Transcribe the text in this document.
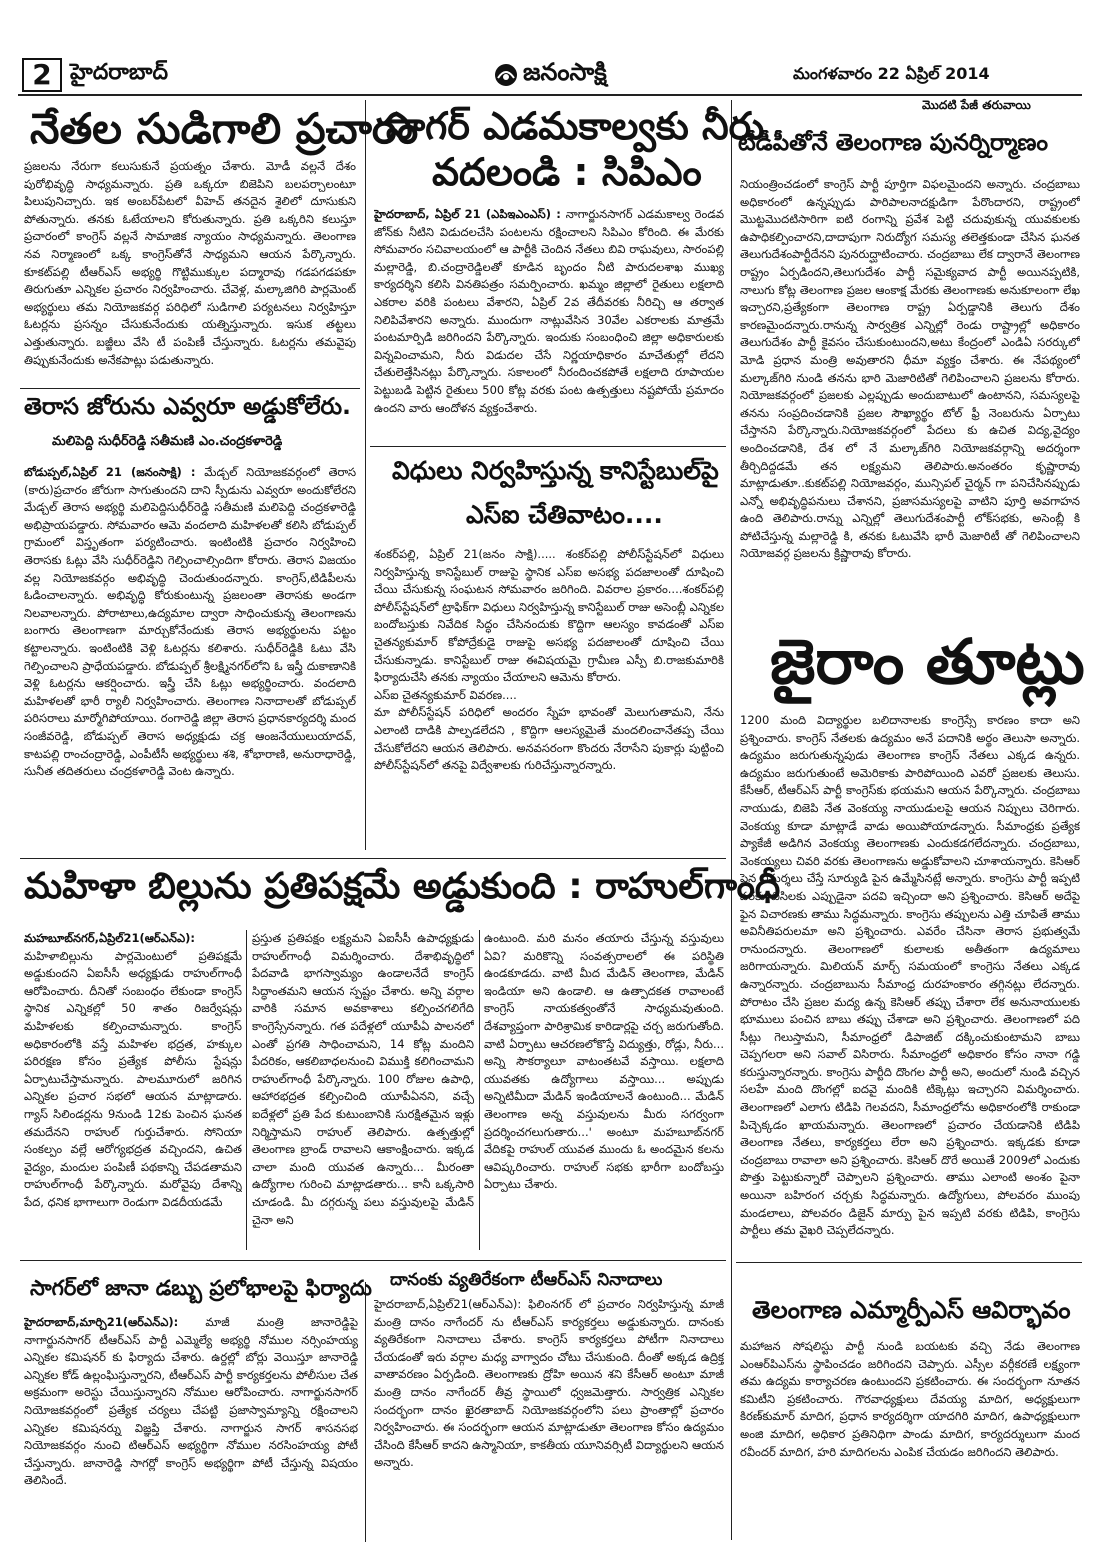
2 హైదరాబాద్	జనంసాక్షి	మంగళవారం 22 ఏప్రిల్ 2014
మొదటి పేజీ తరువాయి
నేతల సుడిగాలి ప్రచారం

ప్రజలను నేరుగా కలుసుకునే ప్రయత్నం చేశారు. మోడీ వల్లనే దేశం పురోభివృద్ధి సాధ్యమన్నారు. ప్రతి ఒక్కరూ బిజెపిని బలపర్చాలంటూ పిలుపునిచ్చారు. ఇక అంబర్‌పేటలో వీహెచ్ తనదైన శైలిలో దూసుకుని పోతున్నారు. తనకు ఓటేయాలని కోరుతున్నారు. ప్రతి ఒక్కరిని కలుస్తూ ప్రచారంలో కాంగ్రెస్ వల్లనే సామాజిక న్యాయం సాధ్యమన్నారు. తెలంగాణ నవ నిర్మాణంలో ఒక్క కాంగ్రెస్‌తోనే సాధ్యమని ఆయన పేర్కొన్నారు. కూకట్‌పల్లి టీఆర్ఎస్ అభ్యర్థి గొట్టిముక్కుల పద్మారావు గడపగడపకూ తిరుగుతూ ఎన్నికల ప్రచారం నిర్వహించారు. చేవెళ్ల, మల్కాజిగిరి పార్లమెంట్ అభ్యర్థులు తమ నియోజకవర్గ పరిధిలో సుడిగాలి పర్యటనలు నిర్వహిస్తూ ఓటర్లను ప్రసన్నం చేసుకునేందుకు యత్నిస్తున్నారు. ఇసుక తట్టలు ఎత్తుతున్నారు. బజ్జీలు వేసి టీ పంపిణీ చేస్తున్నారు. ఓటర్లను తమవైపు తిప్పుకునేందుకు అనేకపాట్లు పడుతున్నారు.

తెరాస జోరును ఎవ్వరూ అడ్డుకోలేరు.
మలిపెద్ది సుధీర్‌రెడ్డి సతీమణి ఎం.చంద్రకళారెడ్డి

బోడుప్పల్,ఏప్రిల్ 21 (జనంసాక్షి) : మేడ్చల్ నియోజకవర్గంలో తెరాస (కారు)ప్రచారం జోరుగా సాగుతుందని దాని స్పీడును ఎవ్వరూ అందుకోలేరని మేడ్చల్ తెరాస అభ్యర్థి మలిపెద్దిసుధీర్‌రెడ్డి సతీమణి మలిపెద్ది చంద్రకళారెడ్డి అభిప్రాయపడ్డారు. సోమవారం ఆమె వందలాది మహిళలతో కలిసి బోడుప్పల్ గ్రామంలో విస్తృతంగా పర్యటించారు. ఇంటింటికి ప్రచారం నిర్వహించి తెరాసకు ఓట్లు వేసి సుధీర్‌రెడ్డిని గెల్పించాల్సిందిగా కోరారు. తెరాస విజయం వల్ల నియోజకవర్గం అభివృద్ధి చెందుతుందన్నారు. కాంగ్రెస్,టిడిపీలను ఓడించాలన్నారు. అభివృద్ధి కోరుకుంటున్న ప్రజలంతా తెరాసకు అండగా నిలవాలన్నారు. పోరాటాలు,ఉద్యమాల ద్వారా సాధించుకున్న తెలంగాణను బంగారు తెలంగాణగా మార్చుకోనేందుకు తెరాస అభ్యర్థులను పట్టం కట్టాలన్నారు. ఇంటింటికి వెళ్లి ఓటర్లను కలిశారు. సుధీర్‌రెడ్డికి ఓటు వేసి గెల్పించాలని ప్రాధేయపడ్డారు. బోడుప్పల్ శ్రీలక్ష్మినగర్‌లోని ఓ ఇస్త్రీ దుకాణానికి వెళ్లి ఓటర్లను ఆకర్షించారు. ఇస్త్రీ చేసి ఓట్లు అభ్యర్థించారు. వందలాది మహిళలతో భారీ ర్యాలీ నిర్వహించారు. తెలంగాణ నినాదాలతో బోడుప్పల్ పరిసరాలు మార్మోగిపోయాయి. రంగారెడ్డి జిల్లా తెరాస ప్రధానకార్యదర్శి మంద సంజీవరెడ్డి, బోడుప్పల్ తెరాస అధ్యక్షుడు చక్ర ఆంజనేయులుయాదవ్, కాటపల్లి రాంచంద్రారెడ్డి, ఎంపీటీసీ అభ్యర్థులు శశి, శోభారాణి, అనురాధారెడ్డి, సునీత తదితరులు చంద్రకళారెడ్డి వెంట ఉన్నారు.

సాగర్ ఎడమకాల్వకు నీరు
వదలండి : సిపిఎం

హైదరాబాద్, ఏప్రిల్ 21 (ఎపిఇఎంఎస్) : నాగార్జునసాగర్ ఎడమకాల్వ రెండవ జోన్‌కు నీటిని విడుదలచేసి పంటలను రక్షించాలని సిపిఎం కోరింది. ఈ మేరకు సోమవారం సచివాలయంలో ఆ పార్టీకి చెందిన నేతలు బివి రాఘవులు, సారంపల్లి మల్లారెడ్డి, బి.చంద్రారెడ్డిలతో కూడిన బృందం నీటి పారుదలశాఖ ముఖ్య కార్యదర్శిని కలిసి వినతిపత్రం సమర్పించారు. ఖమ్మం జిల్లాలో రైతులు లక్షలాది ఎకరాల వరికి పంటలు వేశారని, ఏప్రిల్ 2వ తేదీవరకు నీరిచ్చి ఆ తర్వాత నిలిపివేశారని అన్నారు. ముందుగా నాట్లువేసిన 30వేల ఎకరాలకు మాత్రమే పంటమార్పిడి జరిగిందని పేర్కొన్నారు. ఇందుకు సంబంధించి జిల్లా అధికారులకు విన్నవించామని, నీరు విడుదల చేసే నిర్ణయాధికారం మాచేతుల్లో లేదని చేతులెత్తేసినట్లు పేర్కొన్నారు. సకాలంలో నీరందించకపోతే లక్షలాది రూపాయల పెట్టుబడి పెట్టిన రైతులు 500 కోట్ల వరకు పంట ఉత్పత్తులు నష్టపోయే ప్రమాదం ఉందని వారు ఆందోళన వ్యక్తంచేశారు.

విధులు నిర్వహిస్తున్న కానిస్టేబుల్‌పై
ఎస్ఐ చేతివాటం....

శంకర్‌పల్లి, ఏప్రిల్ 21(జనం సాక్షి)..... శంకర్‌పల్లి పోలీస్‌స్టేషన్‌లో విధులు నిర్వహిస్తున్న కానిస్టేబుల్ రాజుపై స్థానిక ఎస్ఐ అసభ్య పదజాలంతో దూషించి చేయి చేసుకున్న సంఘటన సోమవారం జరిగింది. వివరాల ప్రకారం....శంకర్‌పల్లి పోలీస్‌స్టేషన్‌లో ట్రాఫిక్‌గా విధులు నిర్వహిస్తున్న కానిస్టేబుల్ రాజు అసెంబ్లీ ఎన్నికల బందోబస్తుకు నివేదిక సిద్ధం చేసినందుకు కొద్దిగా ఆలస్యం కావడంతో ఎస్ఐ చైతన్యకుమార్ కోపోద్రేకుడై రాజుపై అసభ్య పదజాలంతో దూషించి చేయి చేసుకున్నాడు. కానిస్టేబుల్ రాజు ఈవిషయమై గ్రామీణ ఎస్పీ బి.రాజకుమారికి ఫిర్యాదుచేసి తనకు న్యాయం చేయాలని ఆమెను కోరారు.

ఎస్ఐ చైతన్యకుమార్ వివరణ....

మా పోలీస్‌స్టేషన్ పరిధిలో అందరం స్నేహ భావంతో మెలుగుతామని, నేను ఎలాంటి దాడికి పాల్పడలేదని , కొద్దిగా ఆలస్యమైతే మందలించానేతప్ప చేయి చేసుకోలేదని ఆయన తెలిపారు. అనవసరంగా కొందరు నేరాసేని పుకార్లు పుట్టించి పోలీస్‌స్టేషన్‌లో తనపై విద్వేశాలకు గురిచేస్తున్నారన్నారు.

టీడీపీతోనే తెలంగాణ పునర్నిర్మాణం

నియంత్రించడంలో కాంగ్రెస్ పార్టీ పూర్తిగా విఫలమైందని అన్నారు. చంద్రబాబు అధికారంలో ఉన్నప్పుడు పారిపాలనాదక్షుడిగా పేరొందారని, రాష్ట్రంలో మొట్టమొదటిసారిగా ఐటి రంగాన్ని ప్రవేశ పెట్టి చదువుకున్న యువకులకు ఉపాధికల్పించారని,దాదాపుగా నిరుద్యోగ సమస్య తలెత్తకుండా చేసిన ఘనత తెలుగుదేశంపార్టీదేనని పునరుద్ఘాటించారు. చంద్రబాబు లేక ద్వారానే తెలంగాణ రాష్ట్రం ఏర్పడిందని,తెలుగుదేశం పార్టీ సమైక్యవాద పార్టీ అయినప్పటికి, నాలుగు కోట్ల తెలంగాణ ప్రజల ఆంకాక్ష మేరకు తెలంగాణకు అనుకూలంగా లేఖ ఇచ్చారని,ప్రత్యేకంగా తెలంగాణ రాష్ట్ర ఏర్పడ్డానికి తెలుగు దేశం కారణమైందన్నారు.రానున్న సార్వత్రిక ఎన్నిల్లో రెండు రాష్ట్రాల్లో అధికారం తెలుగుదేశం పార్టీ కైవసం చేసుకుంటుందని,అటు కేంద్రంలో ఎండిఏ సరర్కులో మోడి ప్రధాన మంత్రి అవుతారని ధీమా వ్యక్తం చేశారు. ఈ నేపథ్యంలో మల్కాజ్‌గిరి నుండి తనను భారి మెజారిటితో గెలిపించాలని ప్రజలను కోరారు. నియోజకవర్గంలో ప్రజలకు ఎల్లప్పుడు అందుబాటులో ఉంటానని, సమస్యలపై తనను సంప్రదించడానికి ప్రజల సౌఖ్యార్థం టోల్ ఫ్రీ నెంబరును ఏర్పాటు చేస్తానని పేర్కొన్నారు.నియోజకవర్గంలో పేదలు కు ఉచిత విద్య,వైద్యం అందించడానికి, దేశ లో నే మల్కాజ్‌గిరి నియోజకవర్గాన్ని అదర్శంగా తీర్చిదిద్దడమే తన లక్ష్యమని తెలిపారు.అనంతరం కృష్ణారావు మాట్లాడుతూ..కుకట్‌పల్లి నియోజవర్గం, మున్సిపల్ చైర్మన్ గా పనిచేసినప్పుడు ఎన్నో అభివృద్ధిపనులు చేశానని, ప్రజాసమస్యలపై వాటిని పూర్తి అవగాహన ఉంది తెలిపారు.రాన్ను ఎన్నిల్లో తెలుగుదేశంపార్టీ లోక్‌సభకు, అసెంబ్లీ కి పోటిచేస్తున్న మల్లారెడ్డి కి, తనకు ఓటువేసి భారీ మెజారిటీ తో గెలిపించాలని నియోజవర్గ ప్రజలను క్రిష్ణారావు కోరారు.

జైరాం తూట్లు

1200 మంది విద్యార్థుల బలిదానాలకు కాంగ్రెస్సే కారణం కాదా అని ప్రశ్నించారు. కాంగ్రెస్ నేతలకు ఉద్యమం అనే పదానికి అర్థం తెలుసా అన్నారు. ఉద్యమం జరుగుతున్నపుడు తెలంగాణ కాంగ్రెస్ నేతలు ఎక్కడ ఉన్నరు. ఉద్యమం జరుగుతుంటే అమెరికాకు పారిపోయింది ఎవరో ప్రజలకు తెలుసు. కేసీఆర్, టీఆర్ఎస్ పార్టీ కాంగ్రెస్‌కు భయమని ఆయన పేర్కొన్నారు. చంద్రబాబు నాయుడు, బిజెపి నేత వెంకయ్య నాయుడులపై ఆయన నిప్పులు చెరిగారు. వెంకయ్య కూడా మాట్లాడే వాడు అయిపోయాడన్నారు. సీమాంధ్రకు ప్రత్యేక ప్యాకేజీ అడిగిన వెంకయ్య తెలంగాణకు ఎందుకడగలేదన్నారు. చంద్రబాబు, వెంకయ్యలు చివరి వరకు తెలంగాణను అడ్డుకోవాలని చూశాయన్నారు. కెసిఆర్ పైన విమర్శలు చేస్తే సూర్యుడి పైన ఉమ్మేసినట్లే అన్నారు. కాంగ్రెసు పార్టీ ఇప్పటి వరకు బిసిలకు ఎప్పుడైనా పదవి ఇచ్చిందా అని ప్రశ్నించారు. కెసిఆర్ అదేపై ఫైన విచారణకు తాము సిద్ధమన్నారు. కాంగ్రెసు తప్పులను ఎత్తి చూపితే తాము అవినీతిపరులమా అని ప్రశ్నించారు. ఎవరేం చేసినా తెరాస ప్రభుత్వమే రానుందన్నారు. తెలంగాణలో కులాలకు అతీతంగా ఉద్యమాలు జరిగాయన్నారు. మిలియన్ మార్చ్ సమయంలో కాంగ్రెసు నేతలు ఎక్కడ ఉన్నారన్నారు. చంద్రబాబును సీమాంధ్ర దురహంకారం తగ్గినట్లు లేదన్నారు. పోరాటం చేసి ప్రజల మద్య ఉన్న కెసిఆర్ తప్పు చేశారా లేక అనునాయులకు భూములు పంచిన బాబు తప్పు చేశాడా అని ప్రశ్నించారు. తెలంగాణలో పది సీట్లు గెలుస్తామని, సీమాంధ్రలో డిపాజిట్ దక్కించుకుంటామని బాబు చెప్పగలరా అని సవాల్ విసిరారు. సీమాంధ్రలో అధికారం కోసం నానా గడ్డి కరుస్తున్నారన్నారు. కాంగ్రెసు పార్టీది దొంగల పార్టీ అని, అందులో నుండి వచ్చిన సలహే మంది దొంగల్లో ఐదవై మందికి టిక్కెట్లు ఇచ్చారని విమర్శించారు. తెలంగాణలో ఎలాగు టిడిపి గెలవదని, సీమాంధ్రలోను అధికారంలోకి రాకుండా పిచ్చెక్కడం ఖాయమన్నారు. తెలంగాణలో ప్రచారం చేయడానికి టిడిపి తెలంగాణ నేతలు, కార్యకర్తలు లేరా అని ప్రశ్నించారు. ఇక్కడకు కూడా చంద్రబాబు రావాలా అని ప్రశ్నించారు. కెసిఆర్ దొరే అయితే 2009లో ఎందుకు పొత్తు పెట్టుకున్నారో చెప్పాలని ప్రశ్నించారు. తాము ఎలాంటి అంశం పైనా అయినా బహిరంగ చర్చకు సిద్ధమన్నారు. ఉద్యోగులు, పోలవరం ముంపు మండలాలు, పోలవరం డిజైన్ మార్పు పైన ఇప్పటి వరకు టిడిపి, కాంగ్రెసు పార్టీలు తమ వైఖరి చెప్పలేదన్నారు.

మహిళా బిల్లును ప్రతిపక్షమే అడ్డుకుంది : రాహుల్‌గాంధీ

మహబూబ్‌నగర్,ఏప్రిల్21(ఆర్ఎన్ఎ): మహిళాబిల్లును పార్లమెంటులో ప్రతిపక్షమే అడ్డుకుందని ఏఐసీసీ అధ్యక్షుడు రాహుల్‌గాంధీ ఆరోపించారు. దీనితో సంబంధం లేకుండా కాంగ్రెస్ స్థానిక ఎన్నికల్లో 50 శాతం రిజర్వేషన్లు మహిళలకు కల్పించామన్నారు. కాంగ్రెస్ అధికారంలోకి వస్తే మహిళల భద్రత, హక్కుల పరిరక్షణ కోసం ప్రత్యేక పోలీసు స్టేషన్లు ఏర్పాటుచేస్తామన్నారు. పాలమూరులో జరిగిన ఎన్నికల ప్రచార సభలో ఆయన మాట్లాడారు. గ్యాస్ సిలిండర్లను 9నుండి 12కు పెంచిన ఘనత తమదేనని రాహుల్ గుర్తుచేశారు. సోనియా సంకల్పం వల్లే ఆరోగ్యభద్రత వచ్చిందని, ఉచిత వైద్యం, మందుల పంపిణీ పథకాన్ని చేపడతామని రాహుల్‌గాంధీ పేర్కొన్నారు. మరోవైపు దేశాన్ని పేద, ధనిక భాగాలుగా రెండుగా విడదీయడమే

ప్రస్తుత ప్రతిపక్షం లక్ష్యమని ఏఐసీసీ ఉపాధ్యక్షుడు రాహుల్‌గాంధీ విమర్శించారు. దేశాభివృద్ధిలో పేదవాడి భాగస్వామ్యం ఉండాలనేదే కాంగ్రెస్ సిద్ధాంతమని ఆయన స్పష్టం చేశారు. అన్ని వర్గాల వారికి సమాన అవకాశాలు కల్పించగలిగేది కాంగ్రెస్సేనన్నారు. గత పదేళ్లలో యూపీఏ పాలనలో ఎంతో ప్రగతి సాధించామని, 14 కోట్ల మందిని పేదరికం, ఆకలిబాధలనుంచి విముక్తి కలిగించామని రాహుల్‌గాంధీ పేర్కొన్నారు. 100 రోజుల ఉపాధి, ఆహారభద్రత కల్పించింది యూపీఏనని, వచ్చే ఐదేళ్లలో ప్రతి పేద కుటుంబానికి సురక్షితమైన ఇళ్లు నిర్మిస్తామని రాహుల్ తెలిపారు. ఉత్పత్తుల్లో తెలంగాణ బ్రాండ్ రావాలని ఆకాంక్షించారు. ఇక్కడ చాలా మంది యువత ఉన్నారు... మీరంతా ఉద్యోగాల గురించి మాట్లాడతారు... కానీ ఒక్కసారి చూడండి. మీ దగ్గరున్న పలు వస్తువులపై మేడిన్ చైనా అని

ఉంటుంది. మరి మనం తయారు చేస్తున్న వస్తువులు ఏవి? మరికొన్ని సంవత్సరాలలో ఈ పరిస్థితి ఉండకూడదు. వాటి మీద మేడిన్ తెలంగాణ, మేడిన్ ఇండియా అని ఉండాలి. ఆ ఉత్పాదకత రావాలంటే కాంగ్రెస్ నాయకత్వంతోనే సాధ్యమవుతుంది. దేశవ్యాప్తంగా పారిశ్రామిక కారిడార్లపై చర్చ జరుగుతోంది. వాటి ఏర్పాటు ఆచరణలోకొస్తే విద్యుత్తు, రోడ్లు, నీరు... అన్ని సౌకర్యాలూ వాటంతటవే వస్తాయి. లక్షలాది యువతకు ఉద్యోగాలు వస్తాయి... అప్పుడు అన్నిటిమీదా మేడిన్ ఇండియాలనే ఉంటుంది... మేడిన్ తెలంగాణ అన్న వస్తువులను మీరు సగర్వంగా ప్రదర్శించగలుగుతారు...' అంటూ మహబూబ్‌నగర్ వేదికపై రాహుల్ యువత ముందు ఓ అందమైన కలను ఆవిష్కరించారు. రాహుల్ సభకు భారీగా బందోబస్తు ఏర్పాటు చేశారు.

సాగర్‌లో జానా డబ్బు ప్రలోభాలపై ఫిర్యాదు

హైదరాబాద్,మార్చి21(ఆర్ఎన్ఎ): మాజీ మంత్రి జానారెడ్డిపై నాగార్జునసాగర్ టీఆర్ఎస్ పార్టీ ఎమ్మెల్యే అభ్యర్థి నోముల నర్సింహయ్య ఎన్నికల కమిషనర్ కు ఫిర్యాదు చేశారు. ఉర్దల్లో బోర్లు వెయిస్తూ జానారెడ్డి ఎన్నికల కోడ్ ఉల్లంఘిస్తున్నారని, టీఆర్ఎస్ పార్టీ కార్యకర్తలను పోలీసుల చేత అక్రమంగా అరెస్టు చేయిస్తున్నారని నోముల ఆరోపించారు. నాగార్జునసాగర్ నియోజకవర్గంలో ప్రత్యేక చర్యలు చేపట్టి ప్రజాస్వామ్యాన్ని రక్షించాలని ఎన్నికల కమిషనర్ను విజ్ఞప్తి చేశారు. నాగార్జున సాగర్ శాసనసభ నియోజకవర్గం నుంచి టిఆర్ఎస్ అభ్యర్థిగా నోముల నరసింహయ్య పోటీ చేస్తున్నారు. జానారెడ్డి సాగర్లో కాంగ్రెస్ అభ్యర్థిగా పోటీ చేస్తున్న విషయం తెలిసిందే.

దానంకు వ్యతిరేకంగా టీఆర్ఎస్ నినాదాలు

హైదరాబాద్,ఏప్రిల్21(ఆర్ఎన్ఎ): ఫిలింనగర్ లో ప్రచారం నిర్వహిస్తున్న మాజీ మంత్రి దానం నాగేందర్ ను టీఆర్ఎస్ కార్యకర్తలు అడ్డుకున్నారు. దానంకు వ్యతిరేకంగా నినాదాలు చేశారు. కాంగ్రెస్ కార్యకర్తలు పోటీగా నినాదాలు చేయడంతో ఇరు వర్గాల మధ్య వాగ్వాదం చోటు చేసుకుంది. దీంతో అక్కడ ఉద్రిక్త వాతావరణం ఏర్పడింది. తెలంగాణకు ద్రోహి అయిన శని కేసీఆర్ అంటూ మాజీ మంత్రి దానం నాగేందర్ తీవ్ర స్థాయిలో ధ్వజమెత్తారు. సార్వత్రిక ఎన్నికల సందర్భంగా దానం ఖైరతాబాద్ నియోజకవర్గంలోని పలు ప్రాంతాల్లో ప్రచారం నిర్వహించారు. ఈ సందర్భంగా ఆయన మాట్లాడుతూ తెలంగాణ కోసం ఉద్యమం చేసింది కేసీఆర్ కాదని ఉస్మానియా, కాకతీయ యూనివర్సిటీ విద్యార్థులని ఆయన అన్నారు.

తెలంగాణ ఎమ్మార్పీఎస్ ఆవిర్భావం

మహాజన సోషలిస్టు పార్టీ నుండి బయటకు వచ్చి నేడు తెలంగాణ ఎంఆర్‌పిఎస్‌ను స్థాపించడం జరిగిందని చెప్పారు. ఎస్సీల వర్గీకరణే లక్ష్యంగా తమ ఉద్యమ కార్యాచరణ ఉంటుందని ప్రకటించారు. ఈ సందర్భంగా నూతన కమిటీని ప్రకటించారు. గౌరవాధ్యక్షులు దేవయ్య మాదిగ, అధ్యక్షులుగా కిరణ్‌కుమార్ మాదిగ, ప్రధాన కార్యదర్శిగా యాదగిరి మాదిగ, ఉపాధ్యక్షులుగా అంజి మాదిగ, అధికార ప్రతినిధిగా పాండు మాదిగ, కార్యదర్శులుగా మంద రవీందర్ మాదిగ, హరి మాదిగలను ఎంపిక చేయడం జరిగిందని తెలిపారు.
